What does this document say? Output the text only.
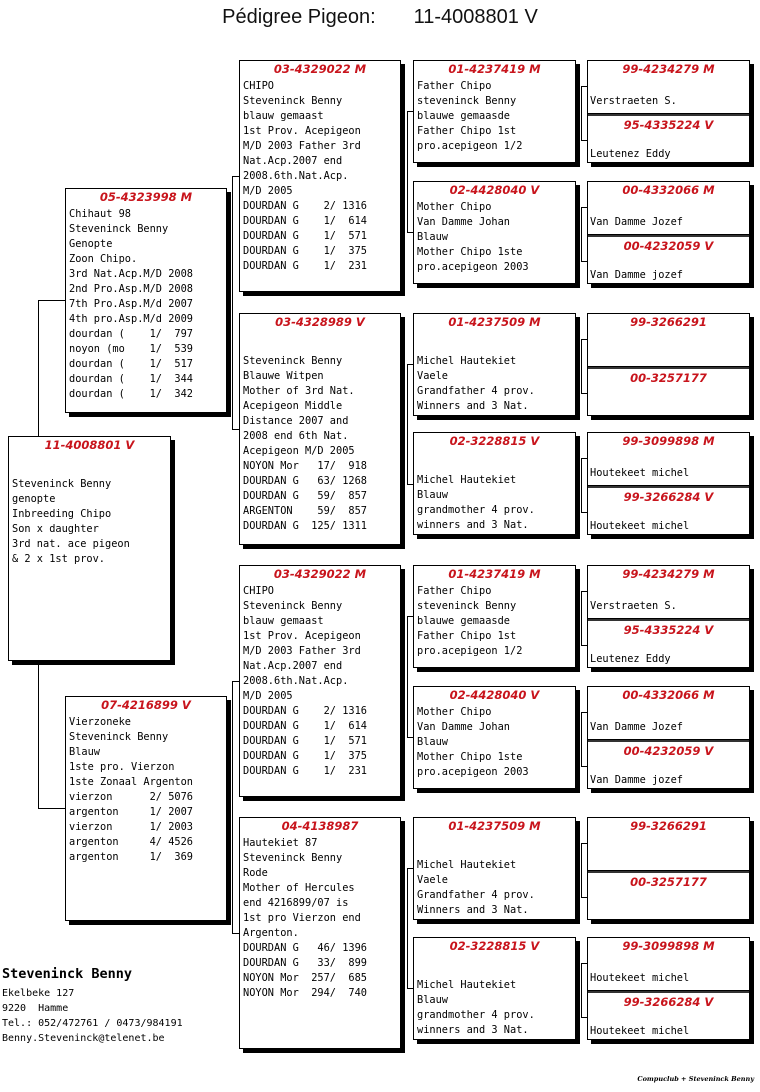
Pédigree Pigeon: 11-4008801 V
11-4008801 V
Steveninck Benny
genopte
Inbreeding Chipo
Son x daughter
3rd nat. ace pigeon
& 2 x 1st prov.
05-4323998 M
Chihaut 98
Steveninck Benny
Genopte
Zoon Chipo.
3rd Nat.Acp.M/D 2008
2nd Pro.Asp.M/D 2008
7th Pro.Asp.M/d 2007
4th pro.Asp.M/d 2009
dourdan (    1/  797
noyon (mo    1/  539
dourdan (    1/  517
dourdan (    1/  344
dourdan (    1/  342
07-4216899 V
Vierzoneke
Steveninck Benny
Blauw
1ste pro. Vierzon
1ste Zonaal Argenton
vierzon      2/ 5076
argenton     1/ 2007
vierzon      1/ 2003
argenton     4/ 4526
argenton     1/  369
03-4329022 M
CHIPO
Steveninck Benny
blauw gemaast
1st Prov. Acepigeon
M/D 2003 Father 3rd
Nat.Acp.2007 end
2008.6th.Nat.Acp.
M/D 2005
DOURDAN G    2/ 1316
DOURDAN G    1/  614
DOURDAN G    1/  571
DOURDAN G    1/  375
DOURDAN G    1/  231
03-4328989 V
Steveninck Benny
Blauwe Witpen
Mother of 3rd Nat.
Acepigeon Middle
Distance 2007 and
2008 end 6th Nat.
Acepigeon M/D 2005
NOYON Mor   17/  918
DOURDAN G   63/ 1268
DOURDAN G   59/  857
ARGENTON    59/  857
DOURDAN G  125/ 1311
03-4329022 M
CHIPO
Steveninck Benny
blauw gemaast
1st Prov. Acepigeon
M/D 2003 Father 3rd
Nat.Acp.2007 end
2008.6th.Nat.Acp.
M/D 2005
DOURDAN G    2/ 1316
DOURDAN G    1/  614
DOURDAN G    1/  571
DOURDAN G    1/  375
DOURDAN G    1/  231
04-4138987
Hautekiet 87
Steveninck Benny
Rode
Mother of Hercules
end 4216899/07 is
1st pro Vierzon end
Argenton.
DOURDAN G   46/ 1396
DOURDAN G   33/  899
NOYON Mor  257/  685
NOYON Mor  294/  740
01-4237419 M
Father Chipo
steveninck Benny
blauwe gemaasde
Father Chipo 1st
pro.acepigeon 1/2
02-4428040 V
Mother Chipo
Van Damme Johan
Blauw
Mother Chipo 1ste
pro.acepigeon 2003
01-4237509 M
Michel Hautekiet
Vaele
Grandfather 4 prov.
Winners and 3 Nat.
02-3228815 V
Michel Hautekiet
Blauw
grandmother 4 prov.
winners and 3 Nat.
01-4237419 M
Father Chipo
steveninck Benny
blauwe gemaasde
Father Chipo 1st
pro.acepigeon 1/2
02-4428040 V
Mother Chipo
Van Damme Johan
Blauw
Mother Chipo 1ste
pro.acepigeon 2003
01-4237509 M
Michel Hautekiet
Vaele
Grandfather 4 prov.
Winners and 3 Nat.
02-3228815 V
Michel Hautekiet
Blauw
grandmother 4 prov.
winners and 3 Nat.
99-4234279 M
Verstraeten S.
95-4335224 V
Leutenez Eddy
00-4332066 M
Van Damme Jozef
00-4232059 V
Van Damme jozef
99-3266291
00-3257177
99-3099898 M
Houtekeet michel
99-3266284 V
Houtekeet michel
99-4234279 M
Verstraeten S.
95-4335224 V
Leutenez Eddy
00-4332066 M
Van Damme Jozef
00-4232059 V
Van Damme jozef
99-3266291
00-3257177
99-3099898 M
Houtekeet michel
99-3266284 V
Houtekeet michel
Steveninck Benny
Ekelbeke 127
9220  Hamme
Tel.: 052/472761 / 0473/984191
Benny.Steveninck@telenet.be
Compuclub + Steveninck Benny
